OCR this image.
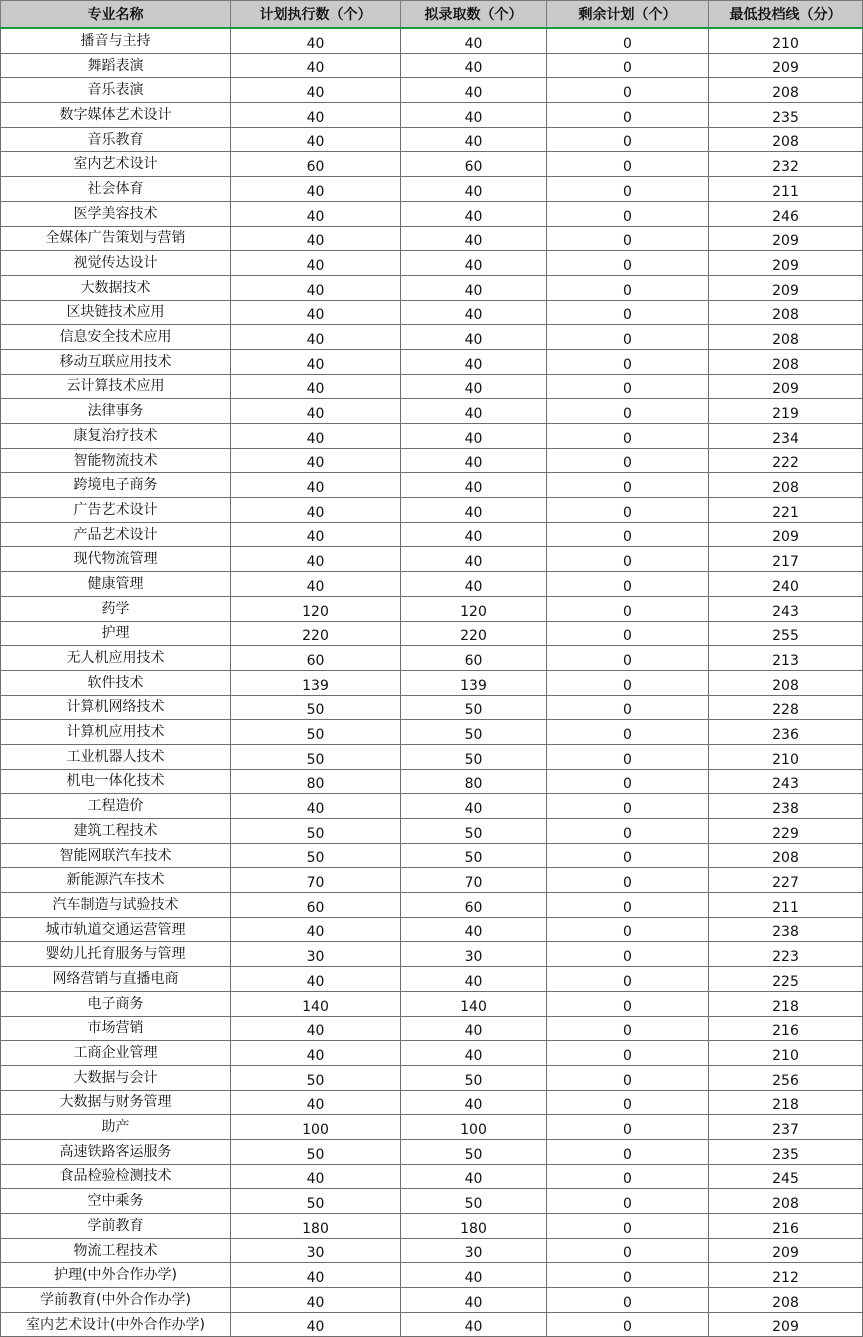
专业名称	计划执行数（个）	拟录取数（个）	剩余计划（个）	最低投档线（分）
播音与主持	40	40	0	210
舞蹈表演	40	40	0	209
音乐表演	40	40	0	208
数字媒体艺术设计	40	40	0	235
音乐教育	40	40	0	208
室内艺术设计	60	60	0	232
社会体育	40	40	0	211
医学美容技术	40	40	0	246
全媒体广告策划与营销	40	40	0	209
视觉传达设计	40	40	0	209
大数据技术	40	40	0	209
区块链技术应用	40	40	0	208
信息安全技术应用	40	40	0	208
移动互联应用技术	40	40	0	208
云计算技术应用	40	40	0	209
法律事务	40	40	0	219
康复治疗技术	40	40	0	234
智能物流技术	40	40	0	222
跨境电子商务	40	40	0	208
广告艺术设计	40	40	0	221
产品艺术设计	40	40	0	209
现代物流管理	40	40	0	217
健康管理	40	40	0	240
药学	120	120	0	243
护理	220	220	0	255
无人机应用技术	60	60	0	213
软件技术	139	139	0	208
计算机网络技术	50	50	0	228
计算机应用技术	50	50	0	236
工业机器人技术	50	50	0	210
机电一体化技术	80	80	0	243
工程造价	40	40	0	238
建筑工程技术	50	50	0	229
智能网联汽车技术	50	50	0	208
新能源汽车技术	70	70	0	227
汽车制造与试验技术	60	60	0	211
城市轨道交通运营管理	40	40	0	238
婴幼儿托育服务与管理	30	30	0	223
网络营销与直播电商	40	40	0	225
电子商务	140	140	0	218
市场营销	40	40	0	216
工商企业管理	40	40	0	210
大数据与会计	50	50	0	256
大数据与财务管理	40	40	0	218
助产	100	100	0	237
高速铁路客运服务	50	50	0	235
食品检验检测技术	40	40	0	245
空中乘务	50	50	0	208
学前教育	180	180	0	216
物流工程技术	30	30	0	209
护理(中外合作办学)	40	40	0	212
学前教育(中外合作办学)	40	40	0	208
室内艺术设计(中外合作办学)	40	40	0	209
